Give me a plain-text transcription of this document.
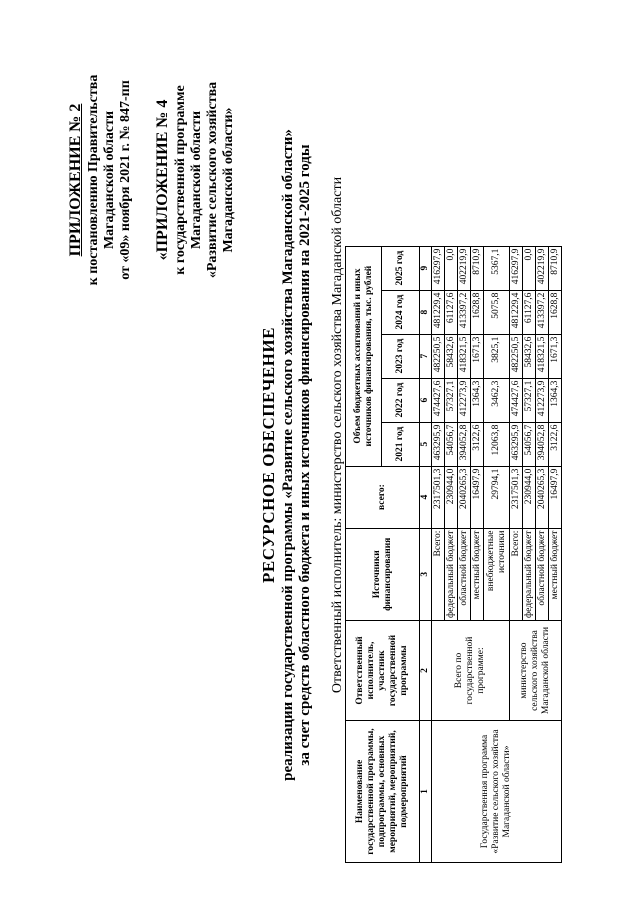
ПРИЛОЖЕНИЕ № 2 к постановлению Правительства Магаданской области от «09» ноября 2021 г. № 847-пп «ПРИЛОЖЕНИЕ № 4 к государственной программе Магаданской области «Развитие сельского хозяйства Магаданской области»
РЕСУРСНОЕ ОБЕСПЕЧЕНИЕ реализации государственной программы «Развитие сельского хозяйства Магаданской области» за счет средств областного бюджета и иных источников финансирования на 2021-2025 годы Ответственный исполнитель: министерство сельского хозяйства Магаданской области
Наименование государственной программы, подпрограммы, основных мероприятий, мероприятий, подмероприятий	Ответственный исполнитель, участник государственной программы	Источники финансирования	всего:	Объем бюджетных ассигнований и иных источников финансирования, тыс. рублей				
				2021 год	2022 год	2023 год	2024 год	2025 год
1	2	3	4	5	6	7	8	9
Государственная программа «Развитие сельского хозяйства Магаданской области»	Всего по государственной программе:	Всего:	2317501,3	463295,9	474427,6	482250,5	481229,4	416297,9
		федеральный бюджет	230944,0	54056,7	57327,1	58432,6	61127,6	0,0
		областной бюджет	2040265,3	394052,8	412273,9	418321,5	413397,2	402219,9
		местный бюджет	16497,9	3122,6	1364,3	1671,3	1628,8	8710,9
		внебюджетные источники	29794,1	12063,8	3462,3	3825,1	5075,8	5367,1
	министерство сельского хозяйства Магаданской области	Всего:	2317501,3	463295,9	474427,6	482250,5	481229,4	416297,9
		федеральный бюджет	230944,0	54056,7	57327,1	58432,6	61127,6	0,0
		областной бюджет	2040265,3	394052,8	412273,9	418321,5	413397,2	402219,9
		местный бюджет	16497,9	3122,6	1364,3	1671,3	1628,8	8710,9
